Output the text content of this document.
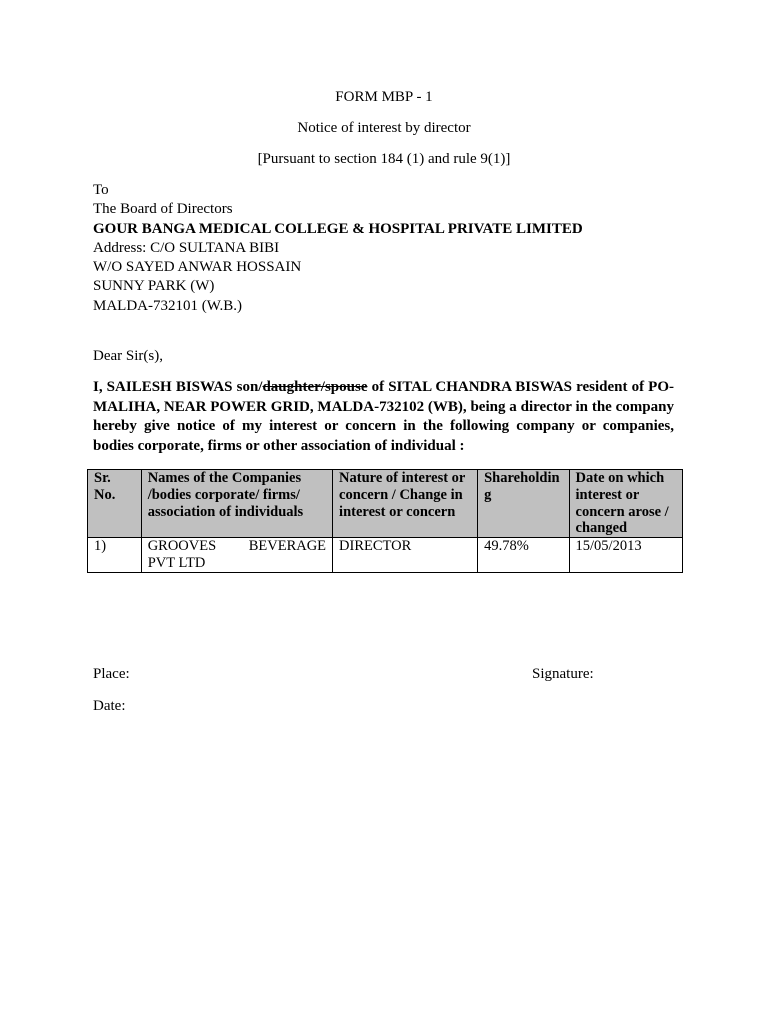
FORM MBP - 1
Notice of interest by director
[Pursuant to section 184 (1) and rule 9(1)]
To
The Board of Directors
GOUR BANGA MEDICAL COLLEGE & HOSPITAL PRIVATE LIMITED
Address: C/O SULTANA BIBI
W/O SAYED ANWAR HOSSAIN
SUNNY PARK (W)
MALDA-732101 (W.B.)
Dear Sir(s),
I, SAILESH BISWAS son/daughter/spouse of SITAL CHANDRA BISWAS resident of PO- MALIHA, NEAR POWER GRID, MALDA-732102 (WB), being a director in the company hereby give notice of my interest or concern in the following company or companies, bodies corporate, firms or other association of individual :
Sr. No.	Names of the Companies /bodies corporate/ firms/ association of individuals	Nature of interest or concern / Change in interest or concern	Shareholding	Date on which interest or concern arose / changed
1)	GROOVES BEVERAGE PVT LTD	DIRECTOR	49.78%	15/05/2013
Place:	Signature:
Date:
